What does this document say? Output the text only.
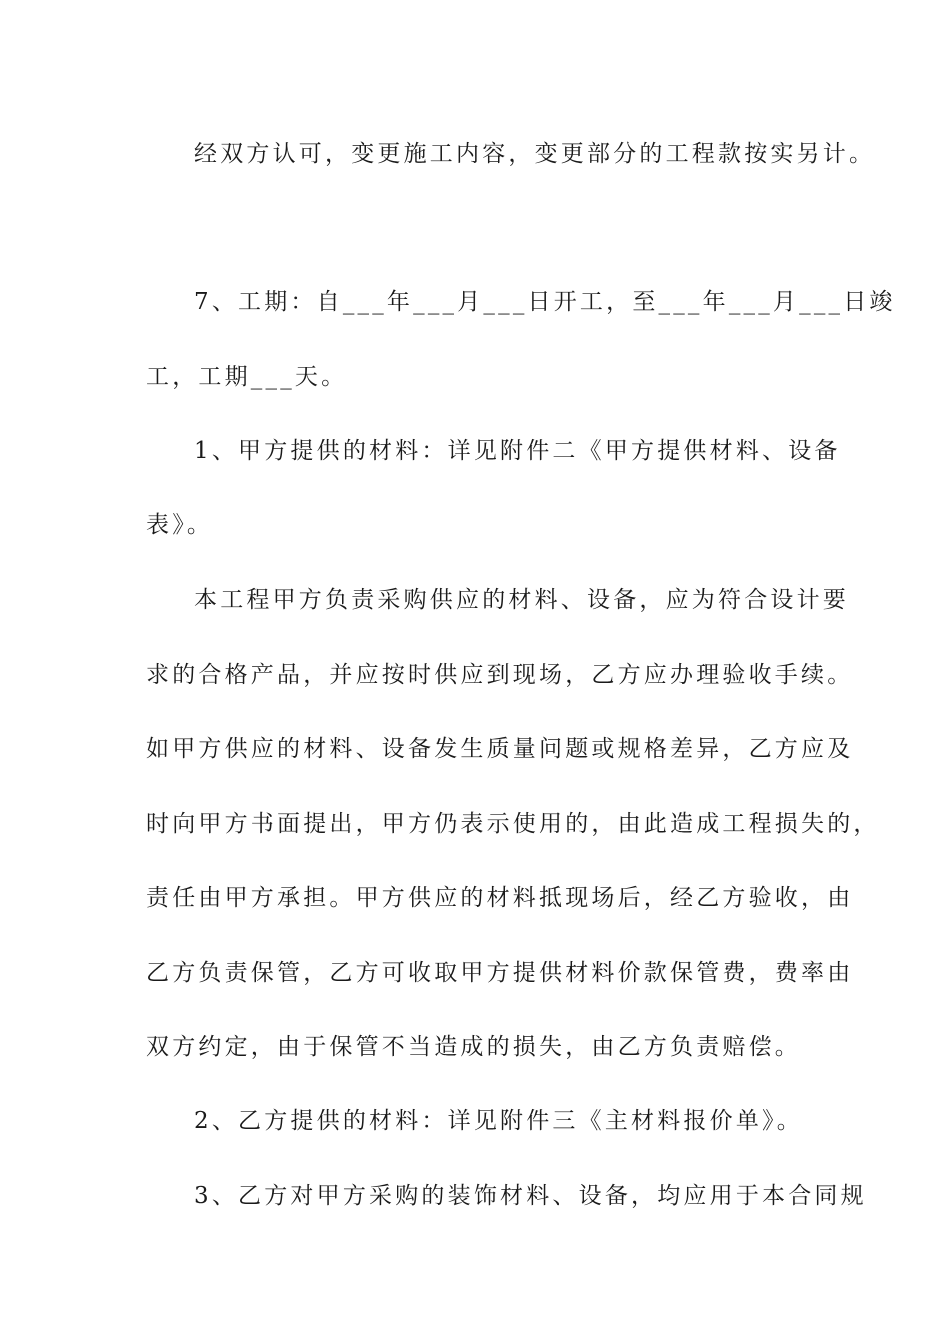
经双方认可，变更施工内容，变更部分的工程款按实另计。
7、工期：自___年___月___日开工，至___年___月___日竣
工，工期___天。
1、甲方提供的材料：详见附件二《甲方提供材料、设备
表》。
本工程甲方负责采购供应的材料、设备，应为符合设计要
求的合格产品，并应按时供应到现场，乙方应办理验收手续。
如甲方供应的材料、设备发生质量问题或规格差异，乙方应及
时向甲方书面提出，甲方仍表示使用的，由此造成工程损失的，
责任由甲方承担。甲方供应的材料抵现场后，经乙方验收，由
乙方负责保管，乙方可收取甲方提供材料价款保管费，费率由
双方约定，由于保管不当造成的损失，由乙方负责赔偿。
2、乙方提供的材料：详见附件三《主材料报价单》。
3、乙方对甲方采购的装饰材料、设备，均应用于本合同规
